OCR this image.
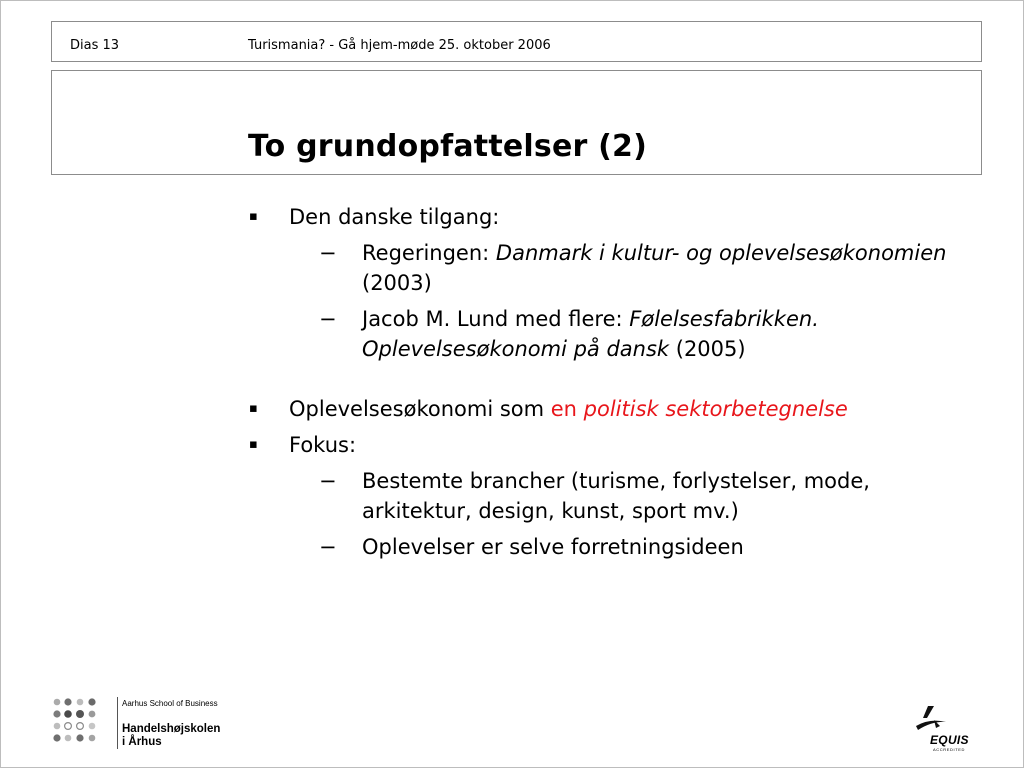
Dias 13	Turismania? - Gå hjem-møde 25. oktober 2006
To grundopfattelser (2)
▪ Den danske tilgang:
− Regeringen: Danmark i kultur- og oplevelsesøkonomien (2003)
− Jacob M. Lund med flere: Følelsesfabrikken. Oplevelsesøkonomi på dansk (2005)
▪ Oplevelsesøkonomi som en politisk sektorbetegnelse
▪ Fokus:
− Bestemte brancher (turisme, forlystelser, mode, arkitektur, design, kunst, sport mv.)
− Oplevelser er selve forretningsideen
Aarhus School of Business
Handelshøjskolen
i Århus	EQUIS
ACCREDITED
